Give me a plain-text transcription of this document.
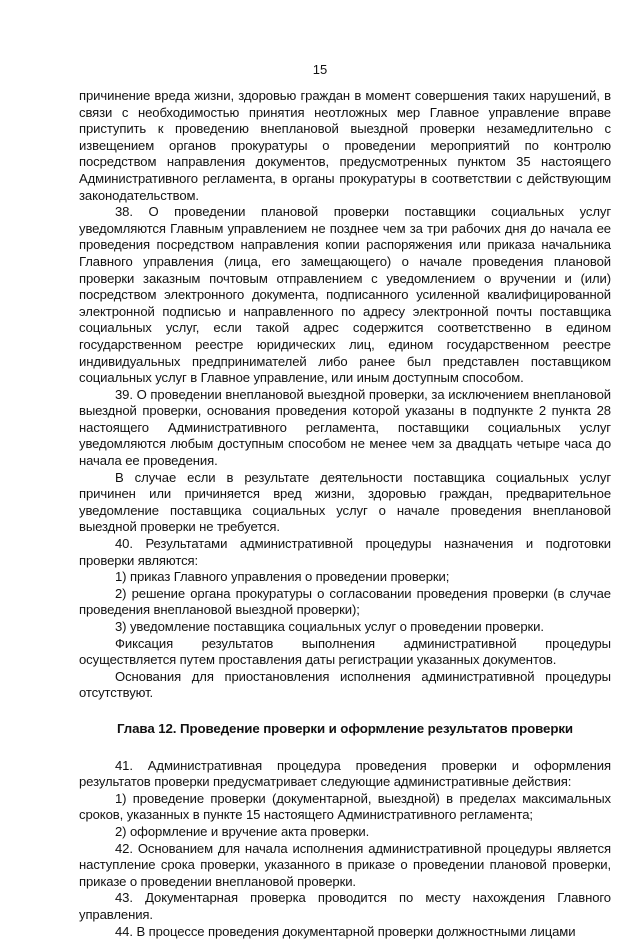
15

причинение вреда жизни, здоровью граждан в момент совершения таких нарушений, в связи с необходимостью принятия неотложных мер Главное управление вправе приступить к проведению внеплановой выездной проверки незамедлительно с извещением органов прокуратуры о проведении мероприятий по контролю посредством направления документов, предусмотренных пунктом 35 настоящего Административного регламента, в органы прокуратуры в соответствии с действующим законодательством.

38. О проведении плановой проверки поставщики социальных услуг уведомляются Главным управлением не позднее чем за три рабочих дня до начала ее проведения посредством направления копии распоряжения или приказа начальника Главного управления (лица, его замещающего) о начале проведения плановой проверки заказным почтовым отправлением с уведомлением о вручении и (или) посредством электронного документа, подписанного усиленной квалифицированной электронной подписью и направленного по адресу электронной почты поставщика социальных услуг, если такой адрес содержится соответственно в едином государственном реестре юридических лиц, едином государственном реестре индивидуальных предпринимателей либо ранее был представлен поставщиком социальных услуг в Главное управление, или иным доступным способом.

39. О проведении внеплановой выездной проверки, за исключением внеплановой выездной проверки, основания проведения которой указаны в подпункте 2 пункта 28 настоящего Административного регламента, поставщики социальных услуг уведомляются любым доступным способом не менее чем за двадцать четыре часа до начала ее проведения.

В случае если в результате деятельности поставщика социальных услуг причинен или причиняется вред жизни, здоровью граждан, предварительное уведомление поставщика социальных услуг о начале проведения внеплановой выездной проверки не требуется.

40. Результатами административной процедуры назначения и подготовки проверки являются:

1) приказ Главного управления о проведении проверки;

2) решение органа прокуратуры о согласовании проведения проверки (в случае проведения внеплановой выездной проверки);

3) уведомление поставщика социальных услуг о проведении проверки.

Фиксация результатов выполнения административной процедуры осуществляется путем проставления даты регистрации указанных документов.

Основания для приостановления исполнения административной процедуры отсутствуют.

Глава 12. Проведение проверки и оформление результатов проверки

41. Административная процедура проведения проверки и оформления результатов проверки предусматривает следующие административные действия:

1) проведение проверки (документарной, выездной) в пределах максимальных сроков, указанных в пункте 15 настоящего Административного регламента;

2) оформление и вручение акта проверки.

42. Основанием для начала исполнения административной процедуры является наступление срока проверки, указанного в приказе о проведении плановой проверки, приказе о проведении внеплановой проверки.

43. Документарная проверка проводится по месту нахождения Главного управления.

44. В процессе проведения документарной проверки должностными лицами
